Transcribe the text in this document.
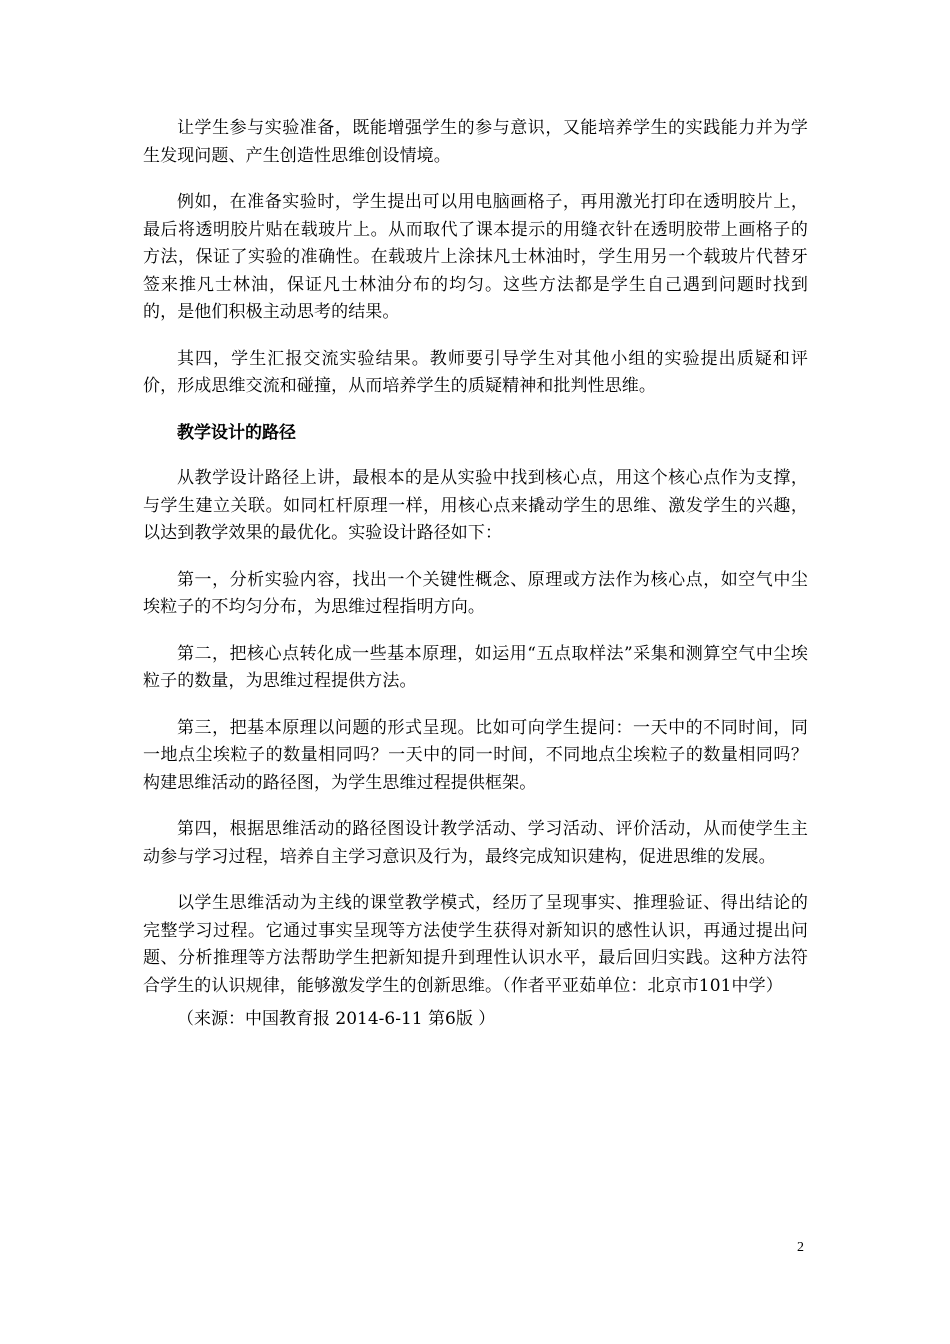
让学生参与实验准备，既能增强学生的参与意识，又能培养学生的实践能力并为学生发现问题、产生创造性思维创设情境。

例如，在准备实验时，学生提出可以用电脑画格子，再用激光打印在透明胶片上，最后将透明胶片贴在载玻片上。从而取代了课本提示的用缝衣针在透明胶带上画格子的方法，保证了实验的准确性。在载玻片上涂抹凡士林油时，学生用另一个载玻片代替牙签来推凡士林油，保证凡士林油分布的均匀。这些方法都是学生自己遇到问题时找到的，是他们积极主动思考的结果。

其四，学生汇报交流实验结果。教师要引导学生对其他小组的实验提出质疑和评价，形成思维交流和碰撞，从而培养学生的质疑精神和批判性思维。

教学设计的路径

从教学设计路径上讲，最根本的是从实验中找到核心点，用这个核心点作为支撑，与学生建立关联。如同杠杆原理一样，用核心点来撬动学生的思维、激发学生的兴趣，以达到教学效果的最优化。实验设计路径如下：

第一，分析实验内容，找出一个关键性概念、原理或方法作为核心点，如空气中尘埃粒子的不均匀分布，为思维过程指明方向。

第二，把核心点转化成一些基本原理，如运用“五点取样法”采集和测算空气中尘埃粒子的数量，为思维过程提供方法。

第三，把基本原理以问题的形式呈现。比如可向学生提问：一天中的不同时间，同一地点尘埃粒子的数量相同吗？一天中的同一时间，不同地点尘埃粒子的数量相同吗？构建思维活动的路径图，为学生思维过程提供框架。

第四，根据思维活动的路径图设计教学活动、学习活动、评价活动，从而使学生主动参与学习过程，培养自主学习意识及行为，最终完成知识建构，促进思维的发展。

以学生思维活动为主线的课堂教学模式，经历了呈现事实、推理验证、得出结论的完整学习过程。它通过事实呈现等方法使学生获得对新知识的感性认识，再通过提出问题、分析推理等方法帮助学生把新知提升到理性认识水平，最后回归实践。这种方法符合学生的认识规律，能够激发学生的创新思维。（作者平亚茹单位：北京市101中学）

（来源：中国教育报 2014-6-11 第6版 ）

2
